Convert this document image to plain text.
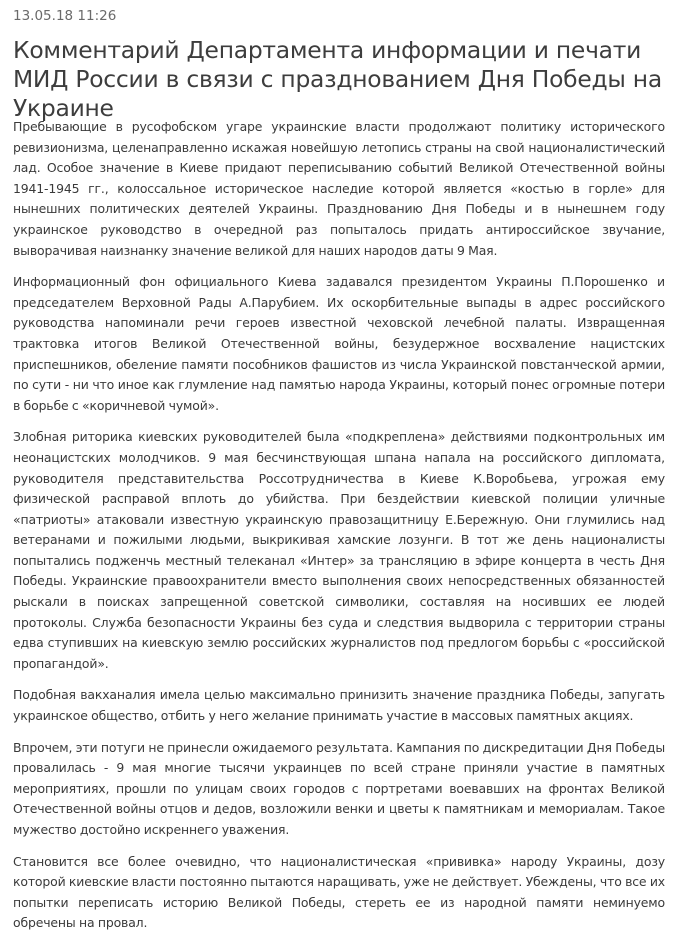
13.05.18 11:26
Комментарий Департамента информации и печати МИД России в связи с празднованием Дня Победы на Украине

Пребывающие в русофобском угаре украинские власти продолжают политику исторического ревизионизма, целенаправленно искажая новейшую летопись страны на свой националистический лад. Особое значение в Киеве придают переписыванию событий Великой Отечественной войны 1941-1945 гг., колоссальное историческое наследие которой является «костью в горле» для нынешних политических деятелей Украины. Празднованию Дня Победы и в нынешнем году украинское руководство в очередной раз попыталось придать антироссийское звучание, выворачивая наизнанку значение великой для наших народов даты 9 Мая.

Информационный фон официального Киева задавался президентом Украины П.Порошенко и председателем Верховной Рады А.Парубием. Их оскорбительные выпады в адрес российского руководства напоминали речи героев известной чеховской лечебной палаты. Извращенная трактовка итогов Великой Отечественной войны, безудержное восхваление нацистских приспешников, обеление памяти пособников фашистов из числа Украинской повстанческой армии, по сути - ни что иное как глумление над памятью народа Украины, который понес огромные потери в борьбе с «коричневой чумой».

Злобная риторика киевских руководителей была «подкреплена» действиями подконтрольных им неонацистских молодчиков. 9 мая бесчинствующая шпана напала на российского дипломата, руководителя представительства Россотрудничества в Киеве К.Воробьева, угрожая ему физической расправой вплоть до убийства. При бездействии киевской полиции уличные «патриоты» атаковали известную украинскую правозащитницу Е.Бережную. Они глумились над ветеранами и пожилыми людьми, выкрикивая хамские лозунги. В тот же день националисты попытались подженчь местный телеканал «Интер» за трансляцию в эфире концерта в честь Дня Победы. Украинские правоохранители вместо выполнения своих непосредственных обязанностей рыскали в поисках запрещенной советской символики, составляя на носивших ее людей протоколы. Служба безопасности Украины без суда и следствия выдворила с территории страны едва ступивших на киевскую землю российских журналистов под предлогом борьбы с «российской пропагандой».

Подобная вакханалия имела целью максимально принизить значение праздника Победы, запугать украинское общество, отбить у него желание принимать участие в массовых памятных акциях.

Впрочем, эти потуги не принесли ожидаемого результата. Кампания по дискредитации Дня Победы провалилась - 9 мая многие тысячи украинцев по всей стране приняли участие в памятных мероприятиях, прошли по улицам своих городов с портретами воевавших на фронтах Великой Отечественной войны отцов и дедов, возложили венки и цветы к памятникам и мемориалам. Такое мужество достойно искреннего уважения.

Становится все более очевидно, что националистическая «прививка» народу Украины, дозу которой киевские власти постоянно пытаются наращивать, уже не действует. Убеждены, что все их попытки переписать историю Великой Победы, стереть ее из народной памяти неминуемо обречены на провал.
